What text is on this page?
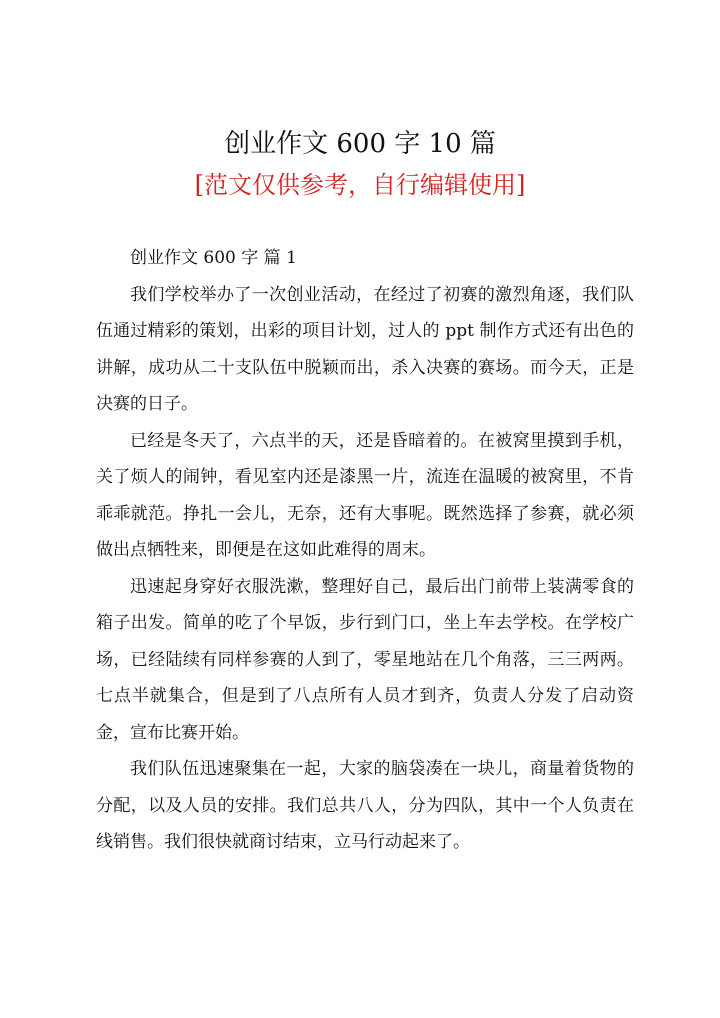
创业作文 600 字 10 篇
[范文仅供参考，自行编辑使用]

创业作文 600 字 篇 1

我们学校举办了一次创业活动，在经过了初赛的激烈角逐，我们队伍通过精彩的策划，出彩的项目计划，过人的 ppt 制作方式还有出色的讲解，成功从二十支队伍中脱颖而出，杀入决赛的赛场。而今天，正是决赛的日子。

已经是冬天了，六点半的天，还是昏暗着的。在被窝里摸到手机，关了烦人的闹钟，看见室内还是漆黑一片，流连在温暖的被窝里，不肯乖乖就范。挣扎一会儿，无奈，还有大事呢。既然选择了参赛，就必须做出点牺牲来，即便是在这如此难得的周末。

迅速起身穿好衣服洗漱，整理好自己，最后出门前带上装满零食的箱子出发。简单的吃了个早饭，步行到门口，坐上车去学校。在学校广场，已经陆续有同样参赛的人到了，零星地站在几个角落，三三两两。七点半就集合，但是到了八点所有人员才到齐，负责人分发了启动资金，宣布比赛开始。

我们队伍迅速聚集在一起，大家的脑袋凑在一块儿，商量着货物的分配，以及人员的安排。我们总共八人，分为四队，其中一个人负责在线销售。我们很快就商讨结束，立马行动起来了。
